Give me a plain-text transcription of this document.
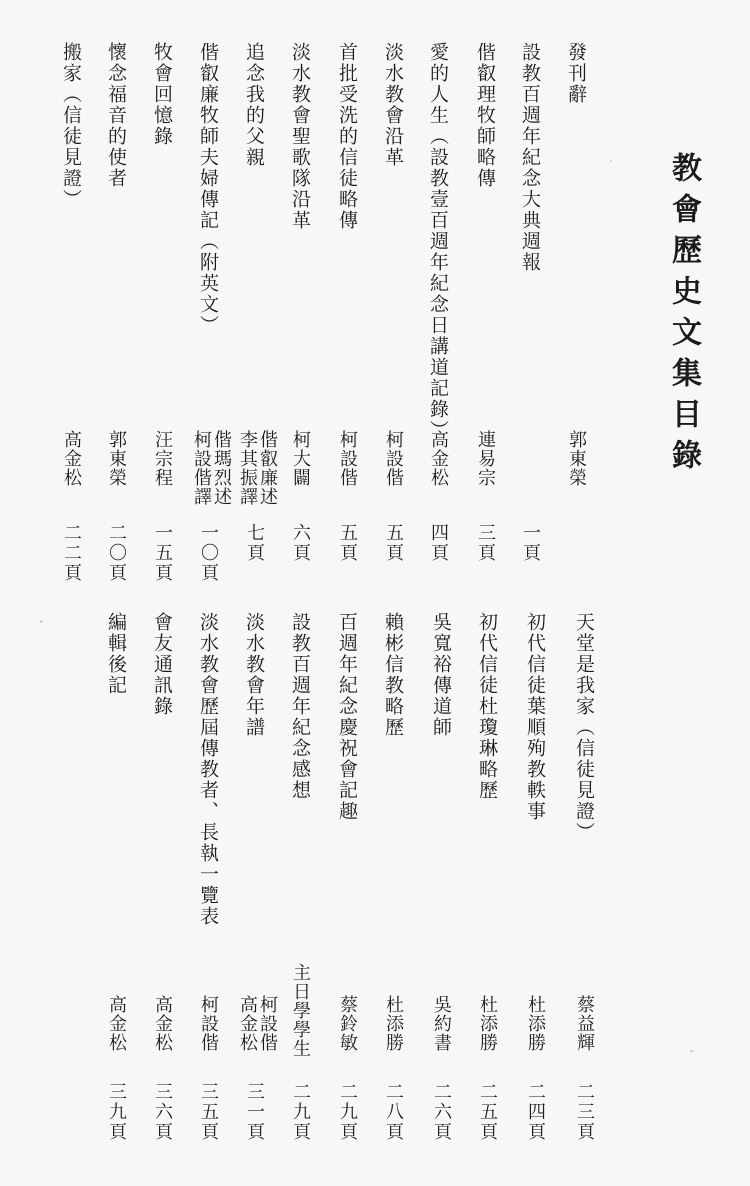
教會歷史文集目錄
發刊辭
郭東榮
設教百週年紀念大典週報
一頁
偕叡理牧師略傳
連易宗
三頁
愛的人生（設教壹百週年紀念日講道記錄）
高金松
四頁
淡水教會沿革
柯設偕
五頁
首批受洗的信徒略傳
柯設偕
五頁
淡水教會聖歌隊沿革
柯大闢
六頁
追念我的父親
偕叡廉述
李其振譯
七頁
偕叡廉牧師夫婦傳記（附英文）
偕瑪烈述
柯設偕譯
一〇頁
牧會回憶錄
汪宗程
一五頁
懷念福音的使者
郭東榮
二〇頁
搬家（信徒見證）
高金松
二二頁
天堂是我家（信徒見證）
蔡益輝
二三頁
初代信徒葉順殉教軼事
杜添勝
二四頁
初代信徒杜瓊琳略歷
杜添勝
二五頁
吳寬裕傳道師
吳約書
二六頁
賴彬信教略歷
杜添勝
二八頁
百週年紀念慶祝會記趣
蔡鈴敏
二九頁
設教百週年紀念感想
主日學學生
二九頁
淡水教會年譜
柯設偕
高金松
三一頁
淡水教會歷屆傳教者、長執一覽表
柯設偕
三五頁
會友通訊錄
高金松
三六頁
編輯後記
高金松
三九頁
